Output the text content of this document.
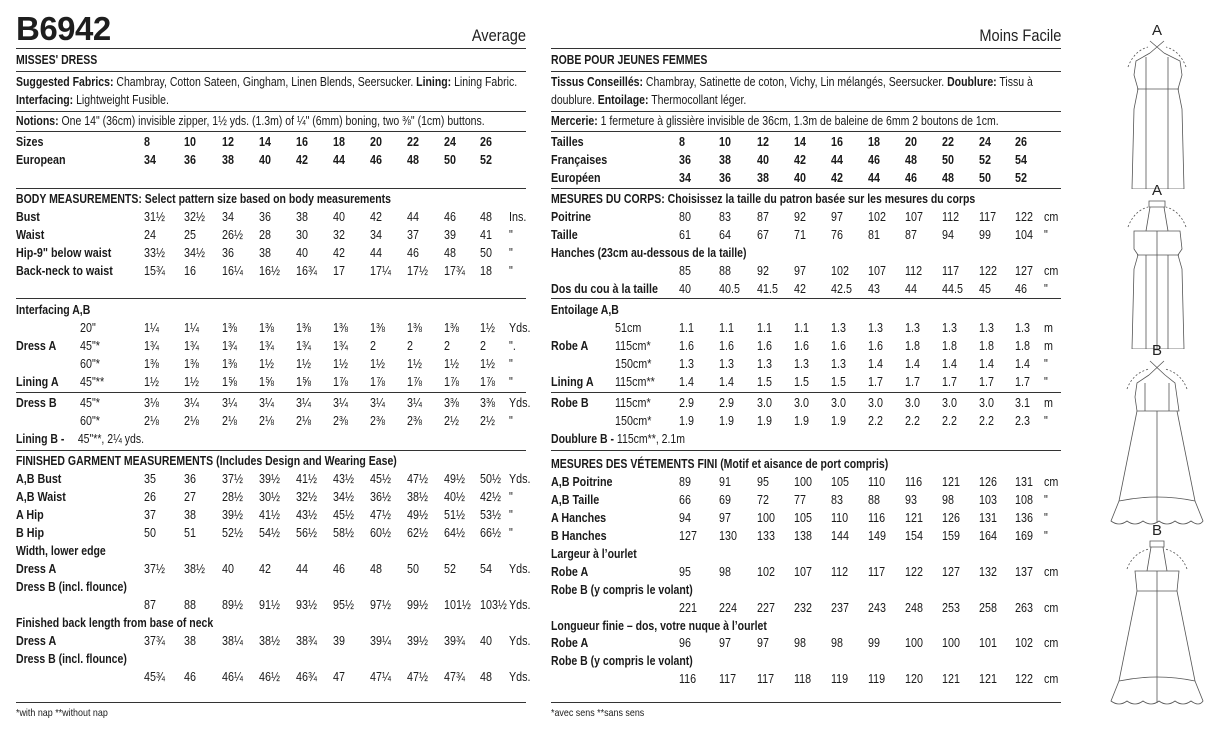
B6942	Average
MISSES' DRESS
Suggested Fabrics: Chambray, Cotton Sateen, Gingham, Linen Blends, Seersucker. Lining: Lining Fabric.
Interfacing: Lightweight Fusible.
Notions: One 14" (36cm) invisible zipper, 1½ yds. (1.3m) of ¼" (6mm) boning, two ⅜" (1cm) buttons.
Sizes	8	10 12 14 16 18 20 22 24 26
European	34 36 38 40 42 44 46 48 50 52
BODY MEASUREMENTS: Select pattern size based on body measurements
Bust	31½ 32½ 34 36 38 40 42 44 46 48 Ins.
Waist	24 25 26½ 28 30 32 34 37 39 41 "
Hip-9" below waist	33½ 34½ 36 38 40 42 44 46 48 50 "
Back-neck to waist 15¾ 16 16¼ 16½ 16¾ 17 17¼ 17½ 17¾ 18 "
Interfacing A,B
20"	1¼ 1¼ 1⅜ 1⅜ 1⅜ 1⅜ 1⅜ 1⅜ 1⅜ 1½ Yds.
Dress A 45"*	1¾ 1¾ 1¾ 1¾ 1¾ 1¾ 2 2 2 2 ".
60"*	1⅜ 1⅜ 1⅜ 1½ 1½ 1½ 1½ 1½ 1½ 1½ "
Lining A 45"**	1½ 1½ 1⅝ 1⅝ 1⅝ 1⅞ 1⅞ 1⅞ 1⅞ 1⅞ "
Dress B 45"*	3⅛ 3¼ 3¼ 3¼ 3¼ 3¼ 3¼ 3¼ 3⅜ 3⅜ Yds.
60"*	2⅛ 2⅛ 2⅛ 2⅛ 2⅛ 2⅜ 2⅜ 2⅜ 2½ 2½ "
Lining B - 45"**, 2¼ yds.
FINISHED GARMENT MEASUREMENTS (Includes Design and Wearing Ease)
A,B Bust	35 36 37½ 39½ 41½ 43½ 45½ 47½ 49½ 50½ Yds.
A,B Waist	26 27 28½ 30½ 32½ 34½ 36½ 38½ 40½ 42½ "
A Hip	37 38 39½ 41½ 43½ 45½ 47½ 49½ 51½ 53½ "
B Hip	50 51 52½ 54½ 56½ 58½ 60½ 62½ 64½ 66½ "
Width, lower edge
Dress A	37½ 38½ 40 42 44 46 48 50 52 54 Yds.
Dress B (incl. flounce)
87 88 89½ 91½ 93½ 95½ 97½ 99½ 101½ 103½ Yds.
Finished back length from base of neck
Dress A	37¾ 38 38¼ 38½ 38¾ 39 39¼ 39½ 39¾ 40 Yds.
Dress B (incl. flounce)
45¾ 46 46¼ 46½ 46¾ 47 47¼ 47½ 47¾ 48 Yds.
*with nap **without nap
Moins Facile
ROBE POUR JEUNES FEMMES
Tissus Conseillés: Chambray, Satinette de coton, Vichy, Lin mélangés, Seersucker. Doublure: Tissu à
doublure. Entoilage: Thermocollant léger.
Mercerie: 1 fermeture à glissière invisible de 36cm, 1.3m de baleine de 6mm 2 boutons de 1cm.
Tailles	8	10 12 14 16 18 20 22 24 26
Françaises	36 38 40 42 44 46 48 50 52 54
Européen	34 36 38 40 42 44 46 48 50 52
MESURES DU CORPS: Choisissez la taille du patron basée sur les mesures du corps
Poitrine	80 83 87 92 97 102 107 112 117 122 cm
Taille	61 64 67 71 76 81 87 94 99 104 "
Hanches (23cm au-dessous de la taille)
85 88 92 97 102 107 112 117 122 127 cm
Dos du cou à la taille 40 40.5 41.5 42 42.5 43 44 44.5 45 46 "
Entoilage A,B
51cm	1.1 1.1 1.1 1.1 1.3 1.3 1.3 1.3 1.3 1.3 m
Robe A 115cm* 1.6 1.6 1.6 1.6 1.6 1.6 1.8 1.8 1.8 1.8 m
150cm* 1.3 1.3 1.3 1.3 1.3 1.4 1.4 1.4 1.4 1.4 "
Lining A 115cm** 1.4 1.4 1.5 1.5 1.5 1.7 1.7 1.7 1.7 1.7 "
Robe B 115cm* 2.9 2.9 3.0 3.0 3.0 3.0 3.0 3.0 3.0 3.1 m
150cm* 1.9 1.9 1.9 1.9 1.9 2.2 2.2 2.2 2.2 2.3 "
Doublure B - 115cm**, 2.1m
MESURES DES VÉTEMENTS FINI (Motif et aisance de port compris)
A,B Poitrine	89 91 95 100 105 110 116 121 126 131 cm
A,B Taille	66 69 72 77 83 88 93 98 103 108 "
A Hanches	94 97 100 105 110 116 121 126 131 136 "
B Hanches	127 130 133 138 144 149 154 159 164 169 "
Largeur à l’ourlet
Robe A	95 98 102 107 112 117 122 127 132 137 cm
Robe B (y compris le volant)
221 224 227 232 237 243 248 253 258 263 cm
Longueur finie – dos, votre nuque à l’ourlet
Robe A	96 97 97 98 98 99 100 100 101 102 cm
Robe B (y compris le volant)
116 117 117 118 119 119 120 121 121 122 cm
*avec sens **sans sens
A
A
B
B
